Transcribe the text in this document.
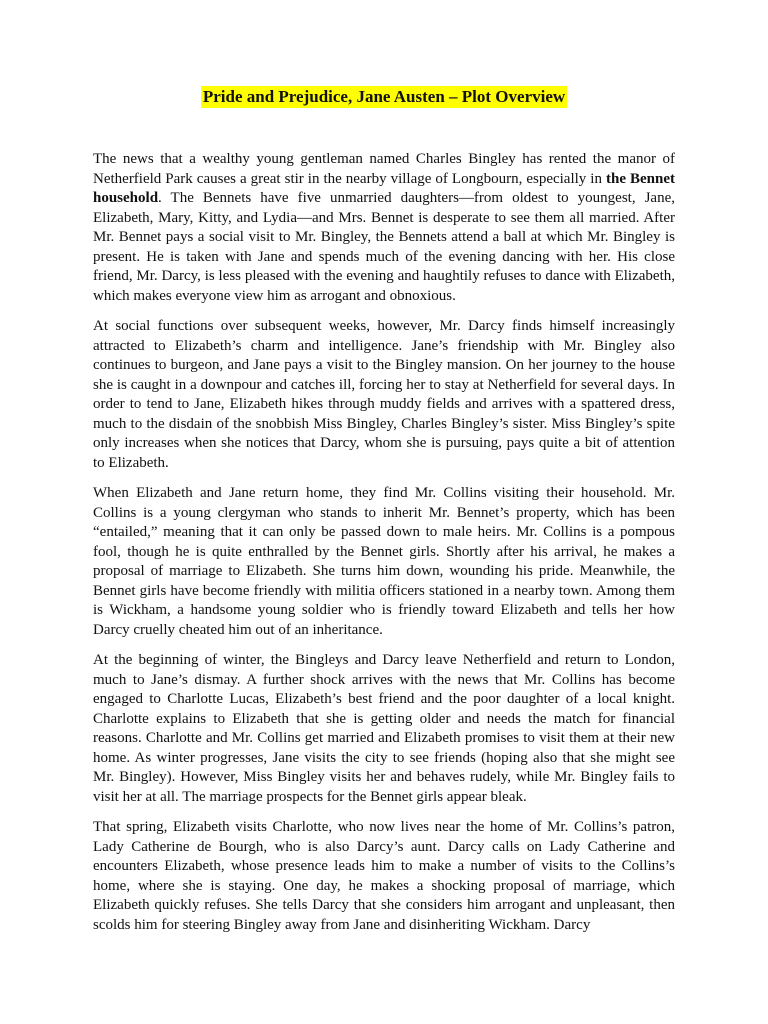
Pride and Prejudice, Jane Austen – Plot Overview

The news that a wealthy young gentleman named Charles Bingley has rented the manor of Netherfield Park causes a great stir in the nearby village of Longbourn, especially in the Bennet household. The Bennets have five unmarried daughters—from oldest to youngest, Jane, Elizabeth, Mary, Kitty, and Lydia—and Mrs. Bennet is desperate to see them all married. After Mr. Bennet pays a social visit to Mr. Bingley, the Bennets attend a ball at which Mr. Bingley is present. He is taken with Jane and spends much of the evening dancing with her. His close friend, Mr. Darcy, is less pleased with the evening and haughtily refuses to dance with Elizabeth, which makes everyone view him as arrogant and obnoxious.

At social functions over subsequent weeks, however, Mr. Darcy finds himself increasingly attracted to Elizabeth’s charm and intelligence. Jane’s friendship with Mr. Bingley also continues to burgeon, and Jane pays a visit to the Bingley mansion. On her journey to the house she is caught in a downpour and catches ill, forcing her to stay at Netherfield for several days. In order to tend to Jane, Elizabeth hikes through muddy fields and arrives with a spattered dress, much to the disdain of the snobbish Miss Bingley, Charles Bingley’s sister. Miss Bingley’s spite only increases when she notices that Darcy, whom she is pursuing, pays quite a bit of attention to Elizabeth.

When Elizabeth and Jane return home, they find Mr. Collins visiting their household. Mr. Collins is a young clergyman who stands to inherit Mr. Bennet’s property, which has been “entailed,” meaning that it can only be passed down to male heirs. Mr. Collins is a pompous fool, though he is quite enthralled by the Bennet girls. Shortly after his arrival, he makes a proposal of marriage to Elizabeth. She turns him down, wounding his pride. Meanwhile, the Bennet girls have become friendly with militia officers stationed in a nearby town. Among them is Wickham, a handsome young soldier who is friendly toward Elizabeth and tells her how Darcy cruelly cheated him out of an inheritance.

At the beginning of winter, the Bingleys and Darcy leave Netherfield and return to London, much to Jane’s dismay. A further shock arrives with the news that Mr. Collins has become engaged to Charlotte Lucas, Elizabeth’s best friend and the poor daughter of a local knight. Charlotte explains to Elizabeth that she is getting older and needs the match for financial reasons. Charlotte and Mr. Collins get married and Elizabeth promises to visit them at their new home. As winter progresses, Jane visits the city to see friends (hoping also that she might see Mr. Bingley). However, Miss Bingley visits her and behaves rudely, while Mr. Bingley fails to visit her at all. The marriage prospects for the Bennet girls appear bleak.

That spring, Elizabeth visits Charlotte, who now lives near the home of Mr. Collins’s patron, Lady Catherine de Bourgh, who is also Darcy’s aunt. Darcy calls on Lady Catherine and encounters Elizabeth, whose presence leads him to make a number of visits to the Collins’s home, where she is staying. One day, he makes a shocking proposal of marriage, which Elizabeth quickly refuses. She tells Darcy that she considers him arrogant and unpleasant, then scolds him for steering Bingley away from Jane and disinheriting Wickham. Darcy
